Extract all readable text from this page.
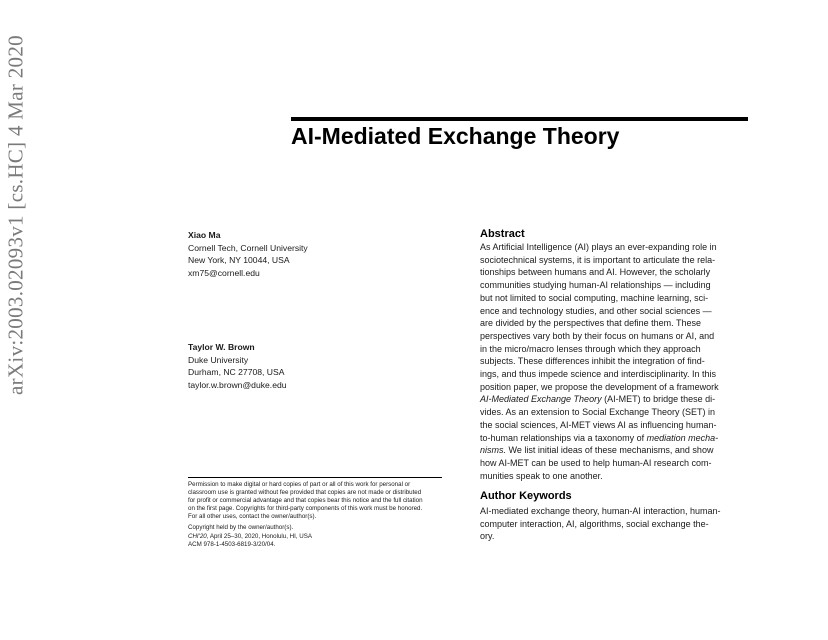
arXiv:2003.02093v1 [cs.HC] 4 Mar 2020	AI-Mediated Exchange Theory
Xiao Ma
Cornell Tech, Cornell University
New York, NY 10044, USA
xm75@cornell.edu
Taylor W. Brown
Duke University
Durham, NC 27708, USA
taylor.w.brown@duke.edu

Permission to make digital or hard copies of part or all of this work for personal or

classroom use is granted without fee provided that copies are not made or distributed

for profit or commercial advantage and that copies bear this notice and the full citation

on the first page. Copyrights for third-party components of this work must be honored.

For all other uses, contact the owner/author(s).

Copyright held by the owner/author(s).

CHI'20, April 25–30, 2020, Honolulu, HI, USA

ACM 978-1-4503-6819-3/20/04.

Abstract
As Artificial Intelligence (AI) plays an ever-expanding role in
sociotechnical systems, it is important to articulate the rela-
tionships between humans and AI. However, the scholarly
communities studying human-AI relationships — including
but not limited to social computing, machine learning, sci-
ence and technology studies, and other social sciences —
are divided by the perspectives that define them. These
perspectives vary both by their focus on humans or AI, and
in the micro/macro lenses through which they approach
subjects. These differences inhibit the integration of find-
ings, and thus impede science and interdisciplinarity. In this
position paper, we propose the development of a framework
AI-Mediated Exchange Theory (AI-MET) to bridge these di-
vides. As an extension to Social Exchange Theory (SET) in
the social sciences, AI-MET views AI as influencing human-
to-human relationships via a taxonomy of mediation mecha-
nisms. We list initial ideas of these mechanisms, and show
how AI-MET can be used to help human-AI research com-
munities speak to one another.
Author Keywords
AI-mediated exchange theory, human-AI interaction, human-
computer interaction, AI, algorithms, social exchange the-
ory.
